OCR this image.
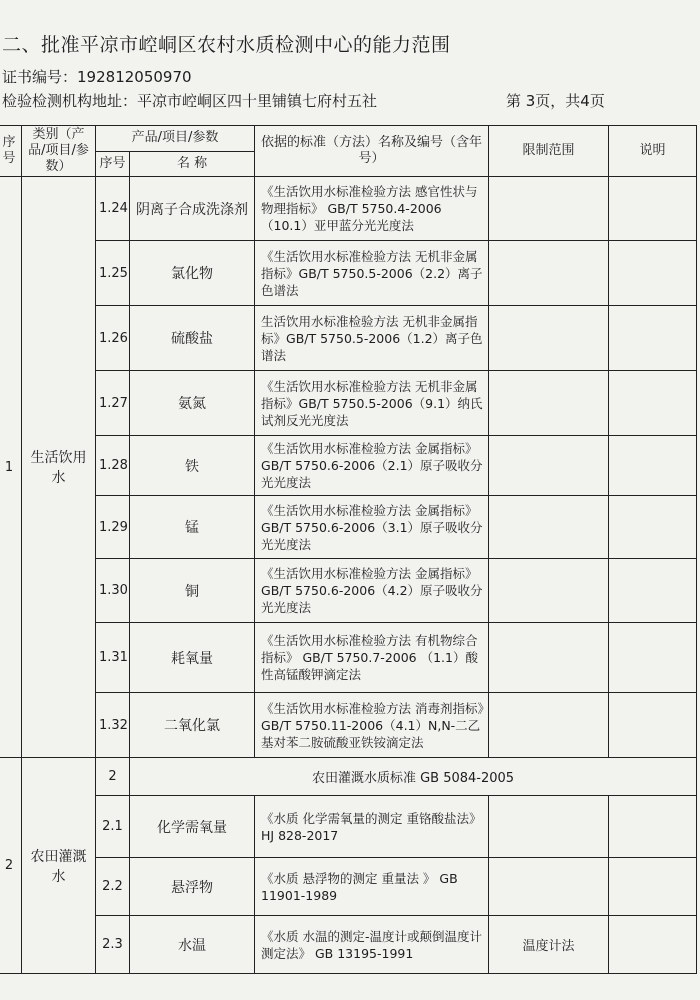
二、批准平凉市崆峒区农村水质检测中心的能力范围
证书编号：192812050970
检验检测机构地址：平凉市崆峒区四十里铺镇七府村五社	第 3页，共4页
序号	类别（产品/项目/参数）	产品/项目/参数		依据的标准（方法）名称及编号（含年号）	限制范围	说明
		序号	名 称			
1	生活饮用水	1.24	阴离子合成洗涤剂	《生活饮用水标准检验方法 感官性状与物理指标》 GB/T 5750.4-2006 （10.1）亚甲蓝分光光度法		
		1.25	氯化物	《生活饮用水标准检验方法 无机非金属指标》GB/T 5750.5-2006（2.2）离子色谱法		
		1.26	硫酸盐	生活饮用水标准检验方法 无机非金属指标》GB/T 5750.5-2006（1.2）离子色谱法		
		1.27	氨氮	《生活饮用水标准检验方法 无机非金属指标》GB/T 5750.5-2006（9.1）纳氏试剂反光光度法		
		1.28	铁	《生活饮用水标准检验方法 金属指标》GB/T 5750.6-2006（2.1）原子吸收分光光度法		
		1.29	锰	《生活饮用水标准检验方法 金属指标》GB/T 5750.6-2006（3.1）原子吸收分光光度法		
		1.30	铜	《生活饮用水标准检验方法 金属指标》GB/T 5750.6-2006（4.2）原子吸收分光光度法		
		1.31	耗氧量	《生活饮用水标准检验方法 有机物综合指标》 GB/T 5750.7-2006 （1.1）酸性高锰酸钾滴定法		
		1.32	二氧化氯	《生活饮用水标准检验方法 消毒剂指标》GB/T 5750.11-2006（4.1）N,N-二乙基对苯二胺硫酸亚铁铵滴定法		
2	农田灌溉水	2	农田灌溉水质标准 GB 5084-2005			
		2.1	化学需氧量	《水质 化学需氧量的测定 重铬酸盐法》HJ 828-2017		
		2.2	悬浮物	《水质 悬浮物的测定 重量法 》 GB 11901-1989		
		2.3	水温	《水质 水温的测定-温度计或颠倒温度计测定法》 GB 13195-1991	温度计法	
